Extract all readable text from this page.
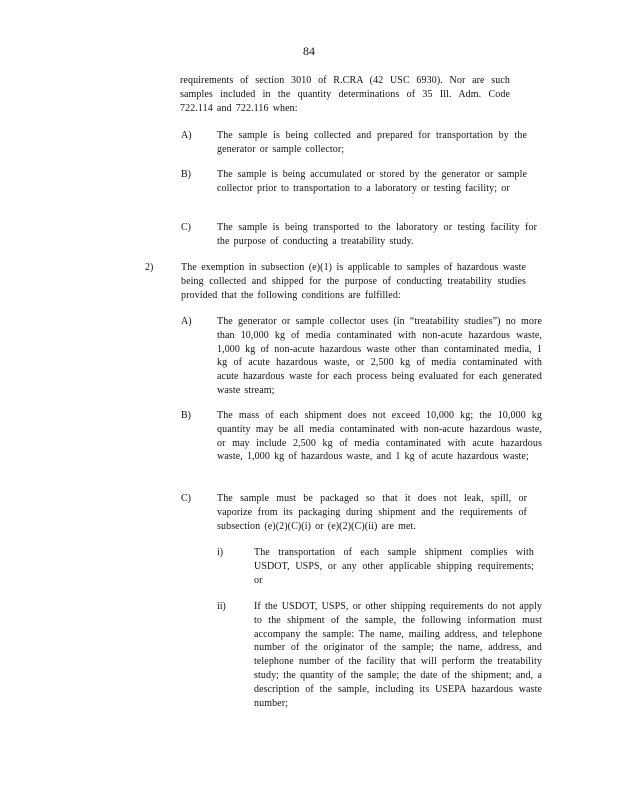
84
requirements of section 3010 of R.CRA (42 USC 6930). Nor are such samples included in the quantity determinations of 35 Ill. Adm. Code 722.114 and 722.116 when:
A)	The sample is being collected and prepared for transportation by the generator or sample collector;
B)	The sample is being accumulated or stored by the generator or sample collector prior to transportation to a laboratory or testing facility; or
C)	The sample is being transported to the laboratory or testing facility for the purpose of conducting a treatability study.
2)	The exemption in subsection (e)(1) is applicable to samples of hazardous waste being collected and shipped for the purpose of conducting treatability studies provided that the following conditions are fulfilled:
A)	The generator or sample collector uses (in “treatability studies”) no more than 10,000 kg of media contaminated with non-acute hazardous waste, 1,000 kg of non-acute hazardous waste other than contaminated media, 1 kg of acute hazardous waste, or 2,500 kg of media contaminated with acute hazardous waste for each process being evaluated for each generated waste stream;
B)	The mass of each shipment does not exceed 10,000 kg; the 10,000 kg quantity may be all media contaminated with non-acute hazardous waste, or may include 2,500 kg of media contaminated with acute hazardous waste, 1,000 kg of hazardous waste, and 1 kg of acute hazardous waste;
C)	The sample must be packaged so that it does not leak, spill, or vaporize from its packaging during shipment and the requirements of subsection (e)(2)(C)(i) or (e)(2)(C)(ii) are met.
i)	The transportation of each sample shipment complies with USDOT, USPS, or any other applicable shipping requirements; or
ii)	If the USDOT, USPS, or other shipping requirements do not apply to the shipment of the sample, the following information must accompany the sample: The name, mailing address, and telephone number of the originator of the sample; the name, address, and telephone number of the facility that will perform the treatability study; the quantity of the sample; the date of the shipment; and, a description of the sample, including its USEPA hazardous waste number;
